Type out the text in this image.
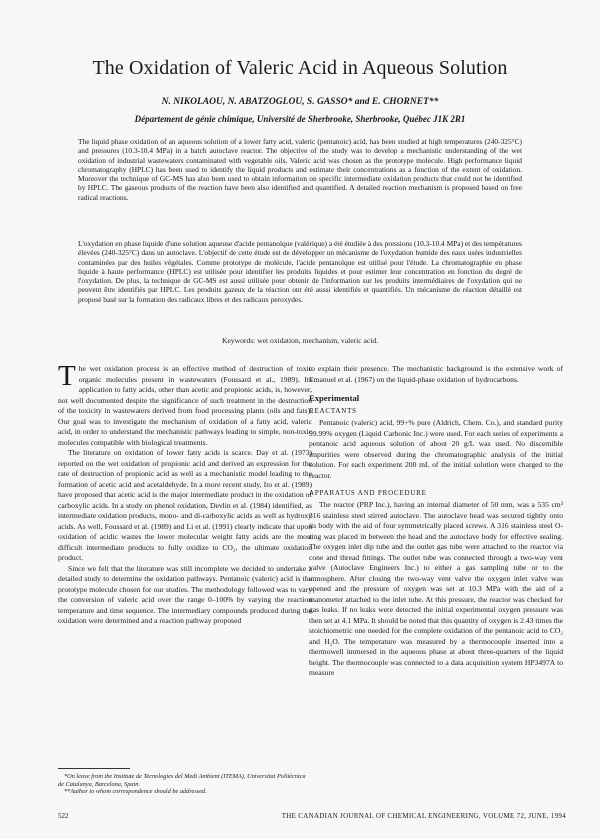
The Oxidation of Valeric Acid in Aqueous Solution
N. NIKOLAOU, N. ABATZOGLOU, S. GASSO* and E. CHORNET**
Département de génie chimique, Université de Sherbrooke, Sherbrooke, Québec J1K 2R1

The liquid phase oxidation of an aqueous solution of a lower fatty acid, valeric (pentanoic) acid, has been studied at high temperatures (240-325°C) and pressures (10.3-10.4 MPa) in a batch autoclave reactor. The objective of the study was to develop a mechanistic understanding of the wet oxidation of industrial wastewaters contaminated with vegetable oils. Valeric acid was chosen as the prototype molecule. High performance liquid chromatography (HPLC) has been used to identify the liquid products and estimate their concentrations as a function of the extent of oxidation. Moreover the technique of GC-MS has also been used to obtain information on specific intermediate oxidation products that could not be identified by HPLC. The gaseous products of the reaction have been also identified and quantified. A detailed reaction mechanism is proposed based on free radical reactions.

L'oxydation en phase liquide d'une solution aqueuse d'acide pentanoïque (valérique) a été étudiée à des pressions (10.3-10.4 MPa) et des températures élevées (240-325°C) dans un autoclave. L'objectif de cette étude est de développer un mécanisme de l'oxydation humide des eaux usées industrielles contaminées par des huiles végétales. Comme prototype de molécule, l'acide pentanoïque est utilisé pour l'étude. La chromatographie en phase liquide à haute performance (HPLC) est utilisée pour identifier les produits liquides et pour estimer leur concentration en fonction du degré de l'oxydation. De plus, la technique de GC-MS est aussi utilisée pour obtenir de l'information sur les produits intermédiaires de l'oxydation qui ne peuvent être identifiés par HPLC. Les produits gazeux de la réaction ont été aussi identifiés et quantifiés. Un mécanisme de réaction détaillé est proposé basé sur la formation des radicaux libres et des radicaux peroxydes.

Keywords: wet oxidation, mechanism, valeric acid.

The wet oxidation process is an effective method of destruction of toxic organic molecules present in wastewaters (Foussard et al., 1989). Its application to fatty acids, other than acetic and propionic acids, is, however, not well documented despite the significance of such treatment in the destruction of the toxicity in wastewaters derived from food processing plants (oils and fats). Our goal was to investigate the mechanism of oxidation of a fatty acid, valeric acid, in order to understand the mechanistic pathways leading to simple, non-toxic molecules compatible with biological treatments.

The literature on oxidation of lower fatty acids is scarce. Day et al. (1973) reported on the wet oxidation of propionic acid and derived an expression for the rate of destruction of propionic acid as well as a mechanistic model leading to the formation of acetic acid and acetaldehyde. In a more recent study, Ito et al. (1989) have proposed that acetic acid is the major intermediate product in the oxidation of carboxylic acids. In a study on phenol oxidation, Devlin et al. (1984) identified, as intermediate oxidation products, mono- and di-carboxylic acids as well as hydroxy acids. As well, Foussard et al. (1989) and Li et al. (1991) clearly indicate that upon oxidation of acidic wastes the lower molecular weight fatty acids are the most difficult intermediate products to fully oxidize to CO₂, the ultimate oxidation product.

Since we felt that the literature was still incomplete we decided to undertake a detailed study to determine the oxidation pathways. Pentanoic (valeric) acid is the prototype molecule chosen for our studies. The methodology followed was to vary the conversion of valeric acid over the range 0–100% by varying the reaction temperature and time sequence. The intermediary compounds produced during the oxidation were determined and a reaction pathway proposed

to explain their presence. The mechanistic background is the extensive work of Emanuel et al. (1967) on the liquid-phase oxidation of hydrocarbons.

Experimental
REACTANTS

Pentanoic (valeric) acid, 99+% pure (Aldrich, Chem. Co.), and standard purity 99.99% oxygen (Liquid Carbonic Inc.) were used. For each series of experiments a pentanoic acid aqueous solution of about 20 g/L was used. No discernible impurities were observed during the chromatographic analysis of the initial solution. For each experiment 200 mL of the initial solution were charged to the reactor.

APPARATUS AND PROCEDURE

The reactor (PRP Inc.), having an internal diameter of 50 mm, was a 535 cm³ 316 stainless steel stirred autoclave. The autoclave head was secured tightly onto its body with the aid of four symmetrically placed screws. A 316 stainless steel O-ring was placed in between the head and the autoclave body for effective sealing. The oxygen inlet dip tube and the outlet gas tube were attached to the reactor via cone and thread fittings. The outlet tube was connected through a two-way vent valve (Autoclave Engineers Inc.) to either a gas sampling tube or to the atmosphere. After closing the two-way vent valve the oxygen inlet valve was opened and the pressure of oxygen was set at 10.3 MPa with the aid of a manometer attached to the inlet tube. At this pressure, the reactor was checked for gas leaks. If no leaks were detected the initial experimental oxygen pressure was then set at 4.1 MPa. It should be noted that this quantity of oxygen is 2.43 times the stoichiometric one needed for the complete oxidation of the pentanoic acid to CO₂ and H₂O. The temperature was measured by a thermocouple inserted into a thermowell immersed in the aqueous phase at about three-quarters of the liquid height. The thermocouple was connected to a data acquisition system HP3497A to measure

*On leave from the Institute de Tecnologies del Medi Ambient (ITEMA), Universitat Politècnica de Catalunya, Barcelona, Spain.
**Author to whom correspondence should be addressed.
522	THE CANADIAN JOURNAL OF CHEMICAL ENGINEERING, VOLUME 72, JUNE, 1994
